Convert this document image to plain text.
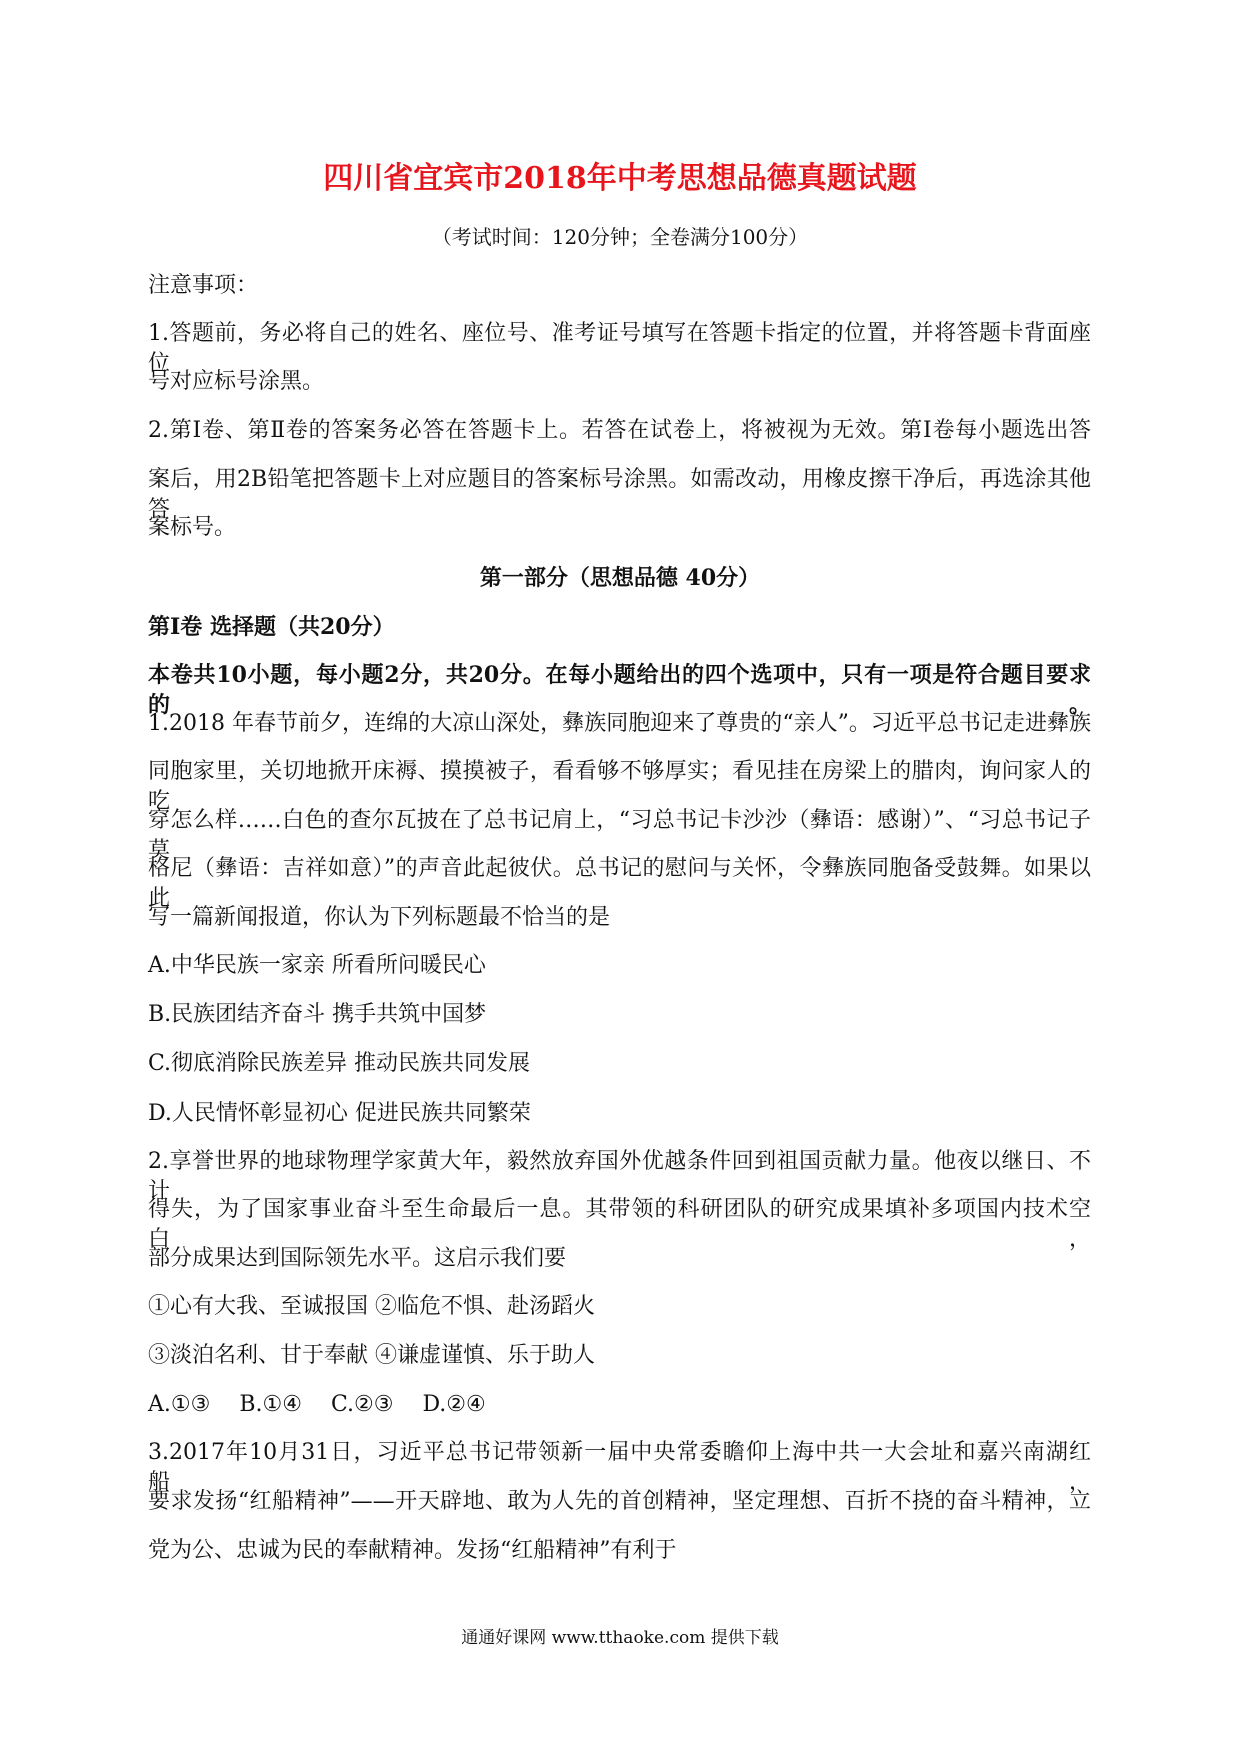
四川省宜宾市2018年中考思想品德真题试题
（考试时间：120分钟；全卷满分100分）
注意事项：
1.答题前，务必将自己的姓名、座位号、准考证号填写在答题卡指定的位置，并将答题卡背面座位
号对应标号涂黑。
2.第Ⅰ卷、第Ⅱ卷的答案务必答在答题卡上。若答在试卷上，将被视为无效。第Ⅰ卷每小题选出答
案后，用2B铅笔把答题卡上对应题目的答案标号涂黑。如需改动，用橡皮擦干净后，再选涂其他答
案标号。
第一部分（思想品德 40分）
第Ⅰ卷 选择题（共20分）
本卷共10小题，每小题2分，共20分。在每小题给出的四个选项中，只有一项是符合题目要求的。
1.2018 年春节前夕，连绵的大凉山深处，彝族同胞迎来了尊贵的“亲人”。习近平总书记走进彝族
同胞家里，关切地掀开床褥、摸摸被子，看看够不够厚实；看见挂在房梁上的腊肉，询问家人的吃
穿怎么样……白色的查尔瓦披在了总书记肩上，“习总书记卡沙沙（彝语：感谢）”、“习总书记子莫
格尼（彝语：吉祥如意）”的声音此起彼伏。总书记的慰问与关怀，令彝族同胞备受鼓舞。如果以此
写一篇新闻报道，你认为下列标题最不恰当的是
A.中华民族一家亲 所看所问暖民心
B.民族团结齐奋斗 携手共筑中国梦
C.彻底消除民族差异 推动民族共同发展
D.人民情怀彰显初心 促进民族共同繁荣
2.享誉世界的地球物理学家黄大年，毅然放弃国外优越条件回到祖国贡献力量。他夜以继日、不计
得失，为了国家事业奋斗至生命最后一息。其带领的科研团队的研究成果填补多项国内技术空白，
部分成果达到国际领先水平。这启示我们要
①心有大我、至诚报国 ②临危不惧、赴汤蹈火
③淡泊名利、甘于奉献 ④谦虚谨慎、乐于助人
A.①③ B.①④ C.②③ D.②④
3.2017年10月31日，习近平总书记带领新一届中央常委瞻仰上海中共一大会址和嘉兴南湖红船，
要求发扬“红船精神”——开天辟地、敢为人先的首创精神，坚定理想、百折不挠的奋斗精神，立
党为公、忠诚为民的奉献精神。发扬“红船精神”有利于
通通好课网 www.tthaoke.com 提供下载
